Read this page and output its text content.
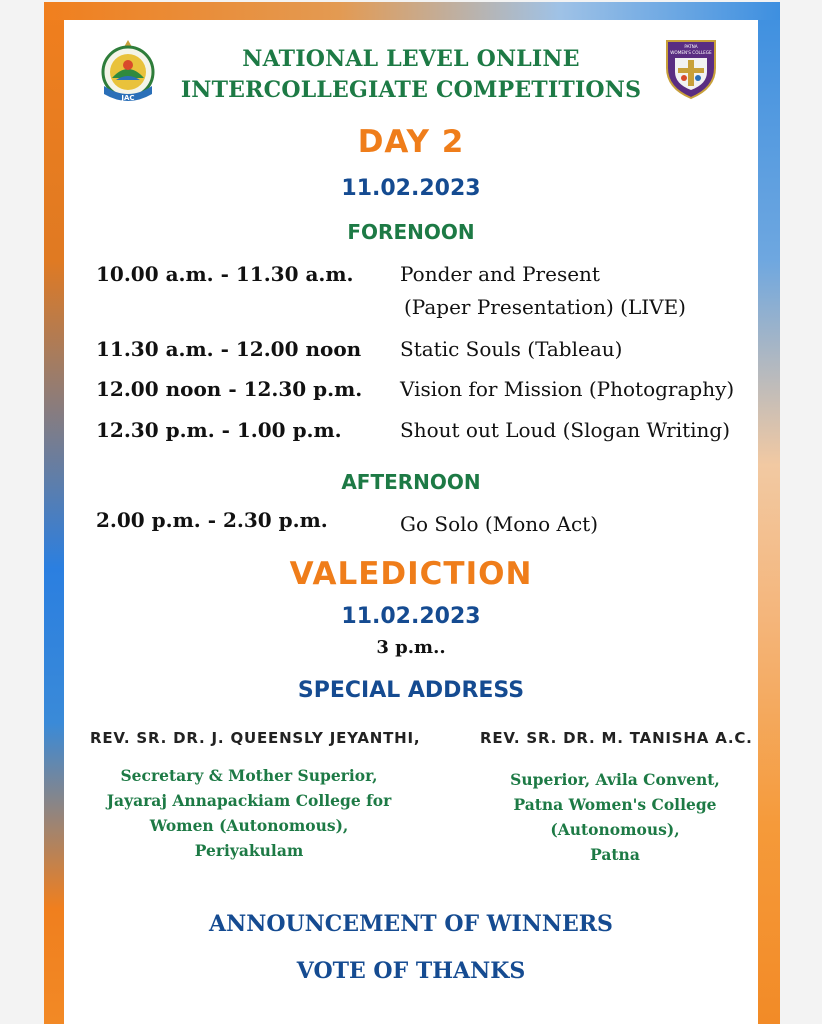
JAC
PATNA
WOMEN'S COLLEGE
NATIONAL LEVEL ONLINE
INTERCOLLEGIATE COMPETITIONS
DAY 2
11.02.2023
FORENOON
10.00 a.m. - 11.30 a.m. Ponder and Present
(Paper Presentation) (LIVE)
11.30 a.m. - 12.00 noon Static Souls (Tableau)
12.00 noon - 12.30 p.m. Vision for Mission (Photography)
12.30 p.m. - 1.00 p.m.	Shout out Loud (Slogan Writing)
AFTERNOON
2.00 p.m. - 2.30 p.m.	Go Solo (Mono Act)
VALEDICTION
11.02.2023
3 p.m..
SPECIAL ADDRESS
REV. SR. DR. J. QUEENSLY JEYANTHI,	REV. SR. DR. M. TANISHA A.C.
Secretary & Mother Superior,
Jayaraj Annapackiam College for
Women (Autonomous),
Periyakulam
Superior, Avila Convent,
Patna Women's College
(Autonomous),
Patna
ANNOUNCEMENT OF WINNERS
VOTE OF THANKS
